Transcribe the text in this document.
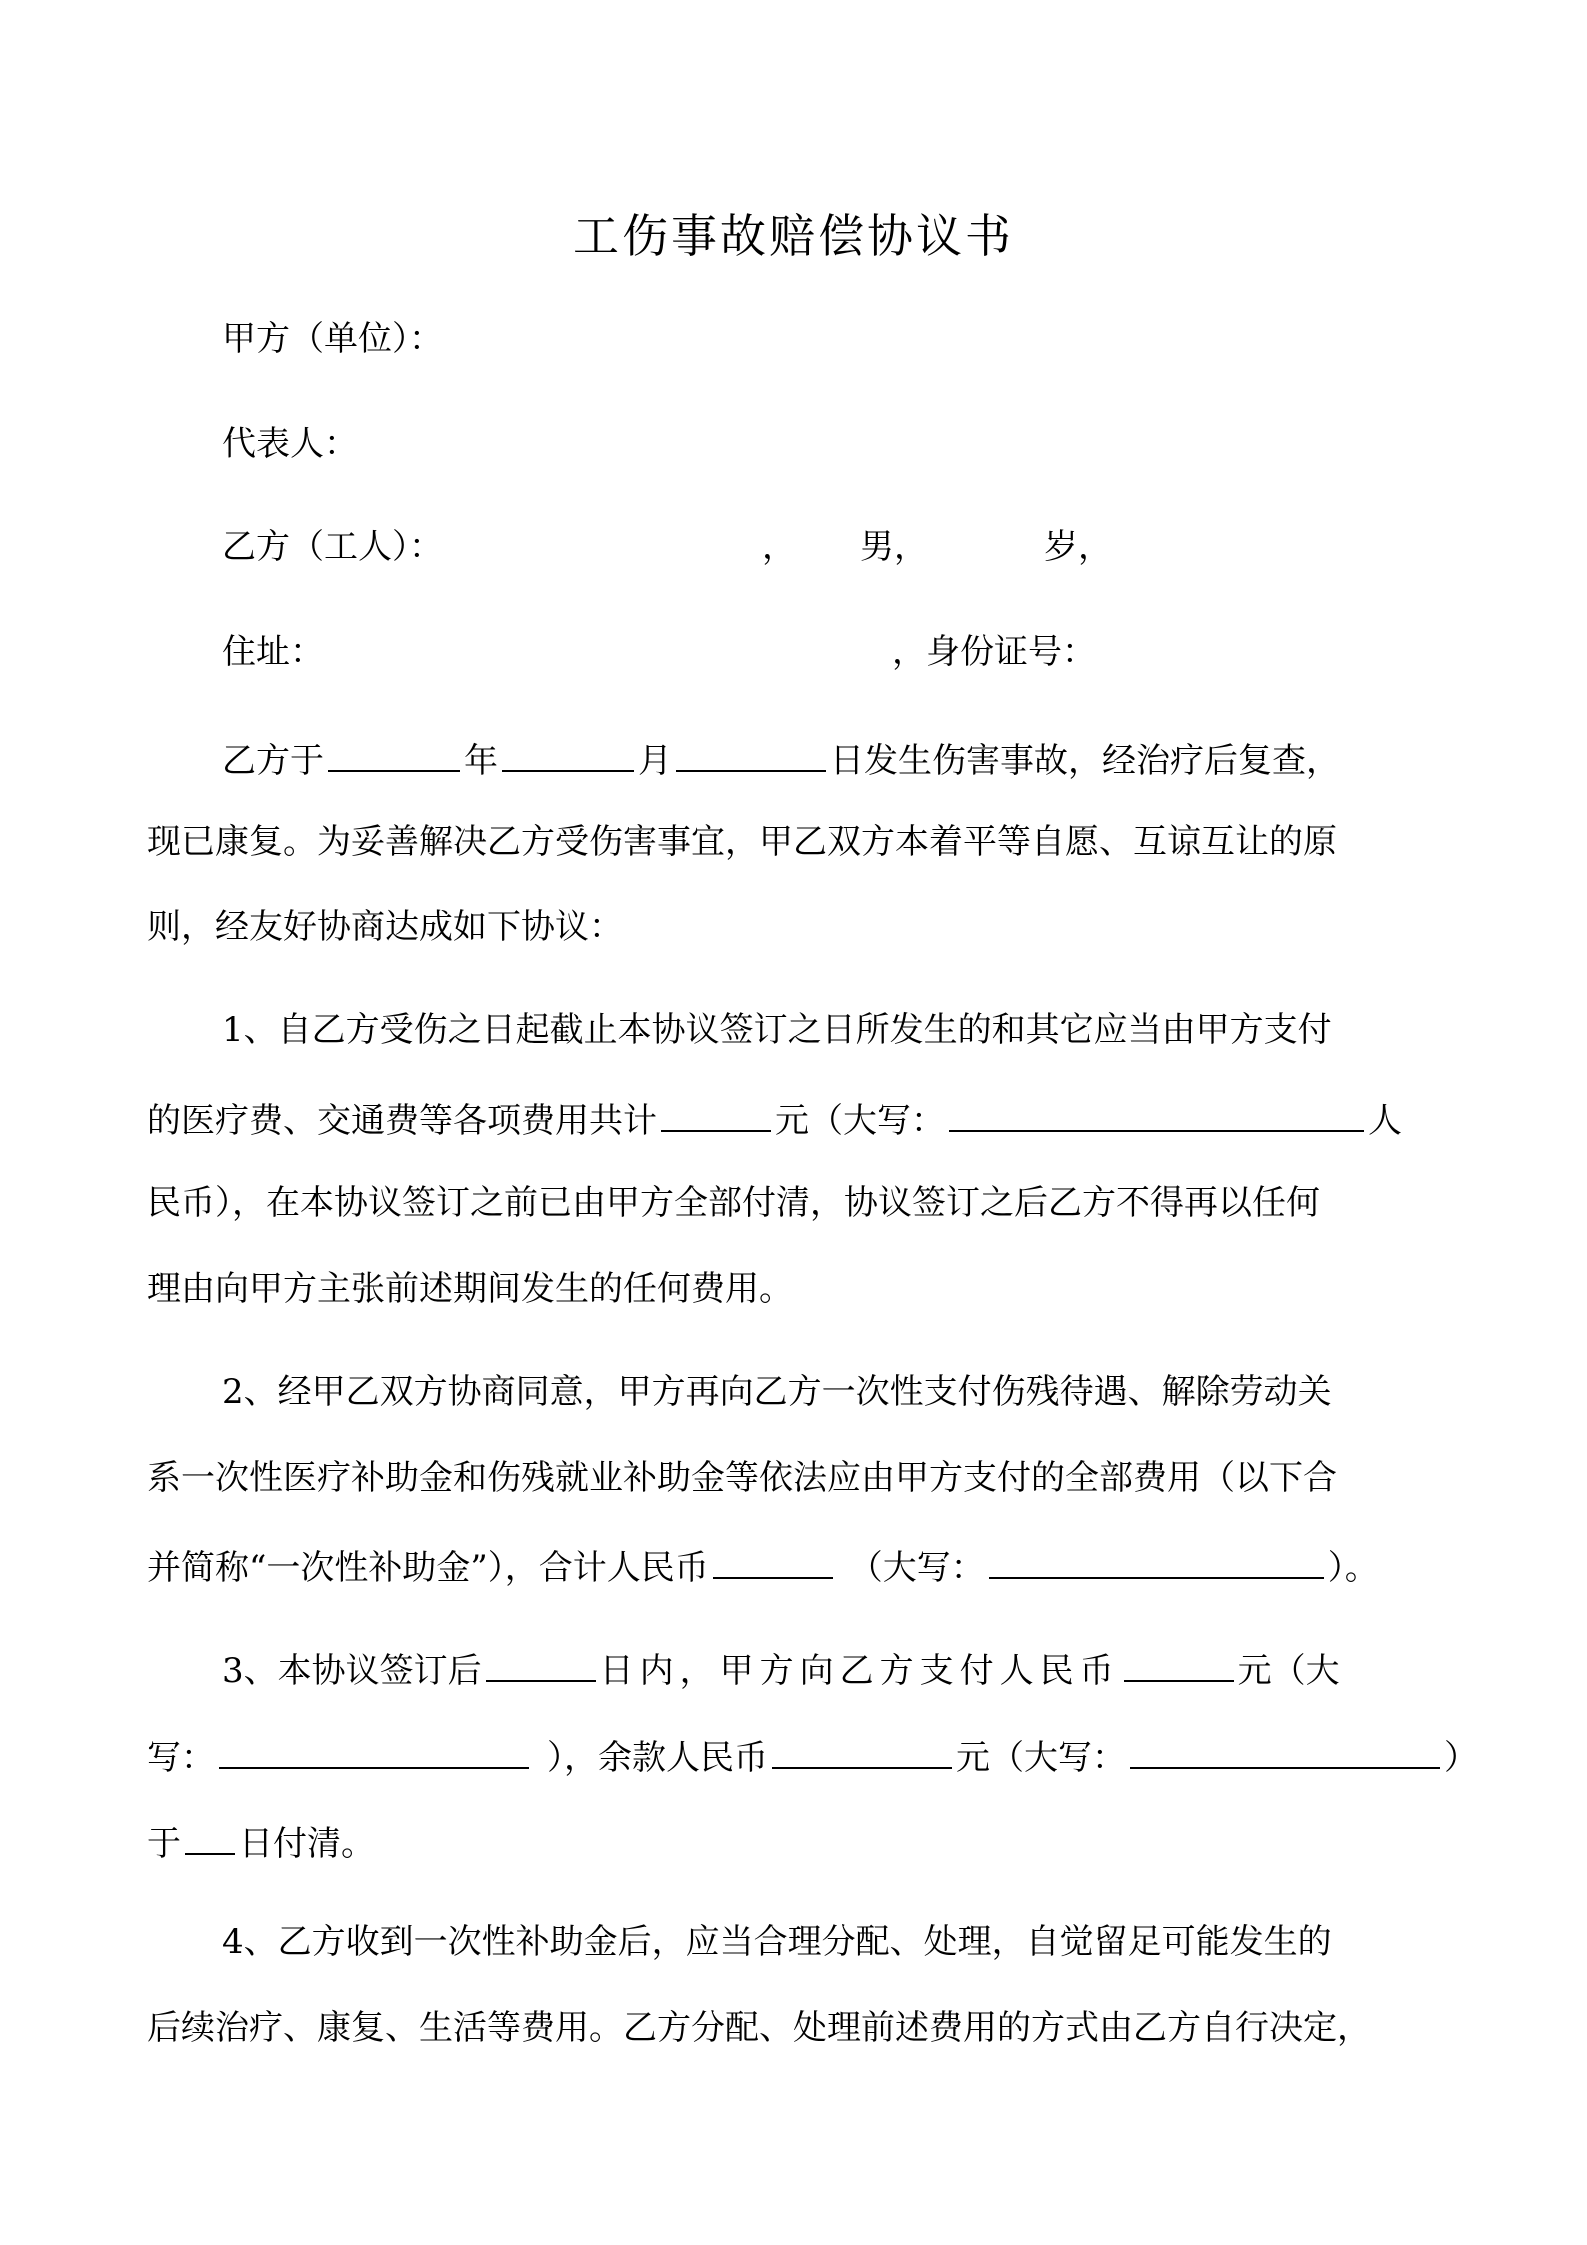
工伤事故赔偿协议书
甲方（单位）：
代表人：
乙方（工人）：	， 男，	岁，
住址：	，身份证号：
乙方于	年	月	日发生伤害事故，经治疗后复查，
现已康复。为妥善解决乙方受伤害事宜，甲乙双方本着平等自愿、互谅互让的原
则，经友好协商达成如下协议：
1、自乙方受伤之日起截止本协议签订之日所发生的和其它应当由甲方支付
的医疗费、交通费等各项费用共计	元（大写：	人
民币），在本协议签订之前已由甲方全部付清，协议签订之后乙方不得再以任何
理由向甲方主张前述期间发生的任何费用。
2、经甲乙双方协商同意，甲方再向乙方一次性支付伤残待遇、解除劳动关
系一次性医疗补助金和伤残就业补助金等依法应由甲方支付的全部费用（以下合
并简称“一次性补助金”），合计人民币	（大写：	）。
3、本协议签订后	日内，甲方向乙方支付人民币	元（大
写：	），余款人民币	元（大写：	）
于 日付清。
4、乙方收到一次性补助金后，应当合理分配、处理，自觉留足可能发生的
后续治疗、康复、生活等费用。乙方分配、处理前述费用的方式由乙方自行决定，
